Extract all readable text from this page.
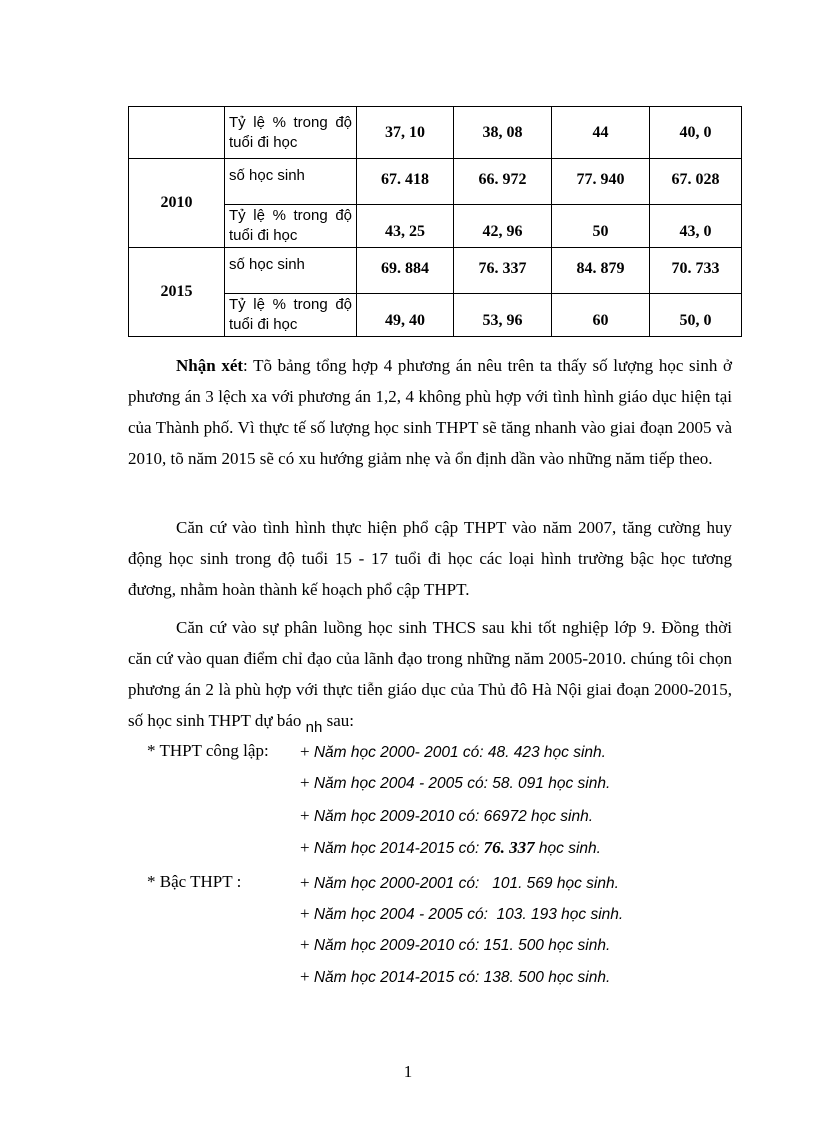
	Tỷ lệ % trong độ tuổi đi học	37, 10	38, 08	44	40, 0
2010	số học sinh	67. 418	66. 972	77. 940	67. 028

	Tỷ lệ % trong độ tuổi đi học	43, 25	42, 96	50	43, 0
2015	số học sinh	69. 884	76. 337	84. 879	70. 733

	Tỷ lệ % trong độ tuổi đi học	49, 40	53, 96	60	50, 0

Nhận xét: Tõ bảng tổng hợp 4 phương án nêu trên ta thấy số lượng học sinh ở phương án 3 lệch xa với phương án 1,2, 4 không phù hợp với tình hình giáo dục hiện tại của Thành phố. Vì thực tế số lượng học sinh THPT sẽ tăng nhanh vào giai đoạn 2005 và 2010, tõ năm 2015 sẽ có xu hướng giảm nhẹ và ổn định dần vào những năm tiếp theo.

Căn cứ vào tình hình thực hiện phổ cập THPT vào năm 2007, tăng cường huy động học sinh trong độ tuổi 15 - 17 tuổi đi học các loại hình trường bậc học tương đương, nhằm hoàn thành kế hoạch phổ cập THPT.

Căn cứ vào sự phân luồng học sinh THCS sau khi tốt nghiệp lớp 9. Đồng thời căn cứ vào quan điểm chỉ đạo của lãnh đạo trong những năm 2005-2010. chúng tôi chọn phương án 2 là phù hợp với thực tiễn giáo dục của Thủ đô Hà Nội giai đoạn 2000-2015, số học sinh THPT dự báo nh sau:

* THPT công lập: + Năm học 2000- 2001 có: 48. 423 học sinh.
+ Năm học 2004 - 2005 có: 58. 091 học sinh.
+ Năm học 2009-2010 có: 66972 học sinh.
+ Năm học 2014-2015 có: 76. 337 học sinh.
* Bậc THPT :	+ Năm học 2000-2001 có:   101. 569 học sinh.
+ Năm học 2004 - 2005 có:  103. 193 học sinh.
+ Năm học 2009-2010 có: 151. 500 học sinh.
+ Năm học 2014-2015 có: 138. 500 học sinh.
1
